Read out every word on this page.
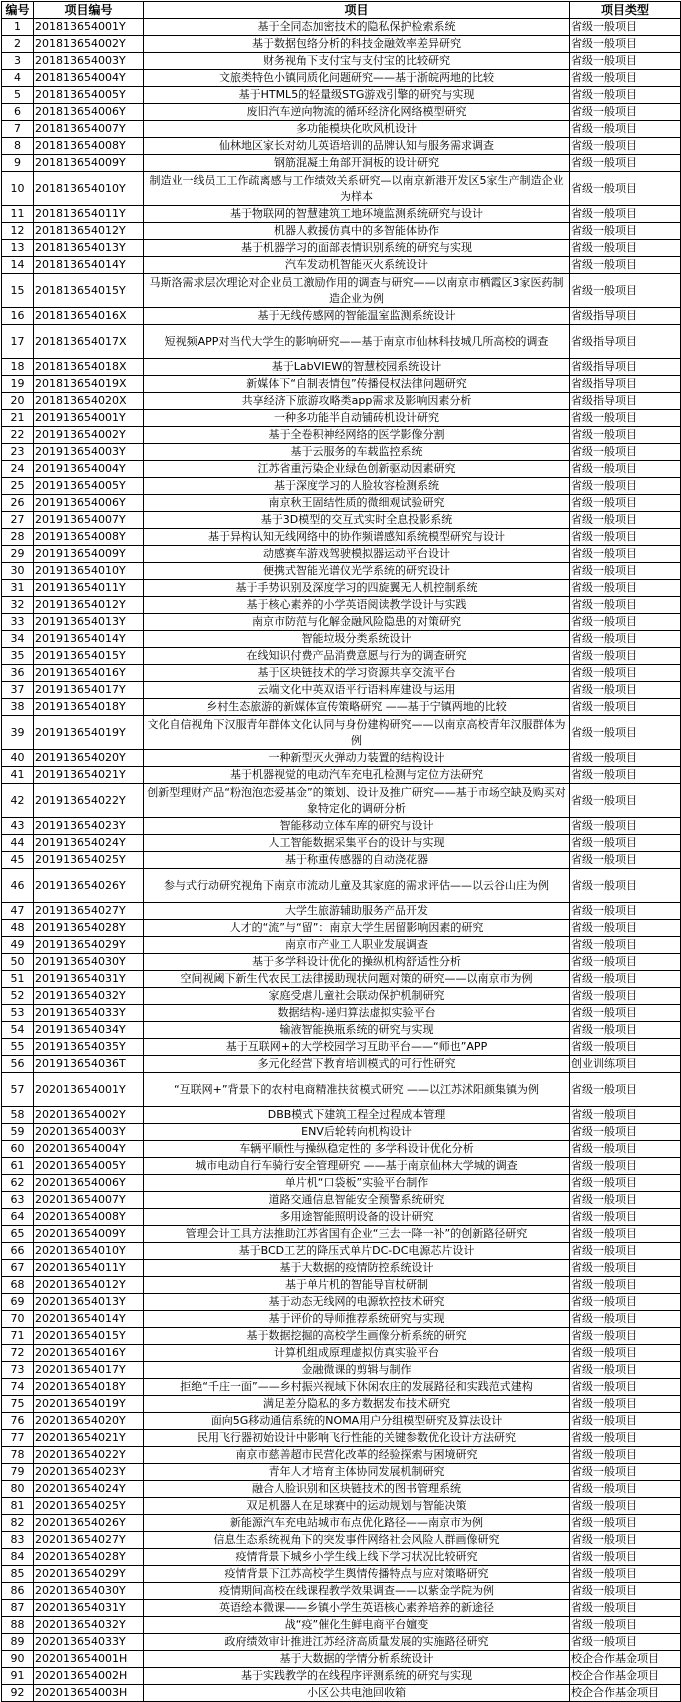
编号	项目编号	项目	项目类型
1	201813654001Y	基于全同态加密技术的隐私保护检索系统	省级一般项目
2	201813654002Y	基于数据包络分析的科技金融效率差异研究	省级一般项目
3	201813654003Y	财务视角下支付宝与支付宝的比较研究	省级一般项目
4	201813654004Y	文旅类特色小镇同质化问题研究——基于浙皖两地的比较	省级一般项目
5	201813654005Y	基于HTML5的轻量级STG游戏引擎的研究与实现	省级一般项目
6	201813654006Y	废旧汽车逆向物流的循环经济化网络模型研究	省级一般项目
7	201813654007Y	多功能模块化吹风机设计	省级一般项目
8	201813654008Y	仙林地区家长对幼儿英语培训的品牌认知与服务需求调查	省级一般项目
9	201813654009Y	钢筋混凝土角部开洞板的设计研究	省级一般项目
10	201813654010Y	制造业一线员工工作疏离感与工作绩效关系研究—以南京新港开发区5家生产制造企业为样本	省级一般项目
11	201813654011Y	基于物联网的智慧建筑工地环境监测系统研究与设计	省级一般项目
12	201813654012Y	机器人救援仿真中的多智能体协作	省级一般项目
13	201813654013Y	基于机器学习的面部表情识别系统的研究与实现	省级一般项目
14	201813654014Y	汽车发动机智能灭火系统设计	省级一般项目
15	201813654015Y	马斯洛需求层次理论对企业员工激励作用的调查与研究——以南京市栖霞区3家医药制造企业为例	省级一般项目
16	201813654016X	基于无线传感网的智能温室监测系统设计	省级指导项目
17	201813654017X	短视频APP对当代大学生的影响研究——基于南京市仙林科技城几所高校的调查	省级指导项目
18	201813654018X	基于LabVIEW的智慧校园系统设计	省级指导项目
19	201813654019X	新媒体下“自制表情包”传播侵权法律问题研究	省级指导项目
20	201813654020X	共享经济下旅游攻略类app需求及影响因素分析	省级指导项目
21	201913654001Y	一种多功能半自动铺砖机设计研究	省级一般项目
22	201913654002Y	基于全卷积神经网络的医学影像分割	省级一般项目
23	201913654003Y	基于云服务的车载监控系统	省级一般项目
24	201913654004Y	江苏省重污染企业绿色创新驱动因素研究	省级一般项目
25	201913654005Y	基于深度学习的人脸妆容检测系统	省级一般项目
26	201913654006Y	南京秋王固结性质的微细观试验研究	省级一般项目
27	201913654007Y	基于3D模型的交互式实时全息投影系统	省级一般项目
28	201913654008Y	基于异构认知无线网络中的协作频谱感知系统模型研究与设计	省级一般项目
29	201913654009Y	动感赛车游戏驾驶模拟器运动平台设计	省级一般项目
30	201913654010Y	便携式智能光谱仪光学系统的研究设计	省级一般项目
31	201913654011Y	基于手势识别及深度学习的四旋翼无人机控制系统	省级一般项目
32	201913654012Y	基于核心素养的小学英语阅读教学设计与实践	省级一般项目
33	201913654013Y	南京市防范与化解金融风险隐患的对策研究	省级一般项目
34	201913654014Y	智能垃圾分类系统设计	省级一般项目
35	201913654015Y	在线知识付费产品消费意愿与行为的调查研究	省级一般项目
36	201913654016Y	基于区块链技术的学习资源共享交流平台	省级一般项目
37	201913654017Y	云端文化中英双语平行语料库建设与运用	省级一般项目
38	201913654018Y	乡村生态旅游的新媒体宣传策略研究 ——基于宁镇两地的比较	省级一般项目
39	201913654019Y	文化自信视角下汉服青年群体文化认同与身份建构研究——以南京高校青年汉服群体为例	省级一般项目
40	201913654020Y	一种新型灭火弹动力装置的结构设计	省级一般项目
41	201913654021Y	基于机器视觉的电动汽车充电孔检测与定位方法研究	省级一般项目
42	201913654022Y	创新型理财产品“粉泡泡恋爱基金”的策划、设计及推广研究——基于市场空缺及购买对象特定化的调研分析	省级一般项目
43	201913654023Y	智能移动立体车库的研究与设计	省级一般项目
44	201913654024Y	人工智能数据采集平台的设计与实现	省级一般项目
45	201913654025Y	基于称重传感器的自动浇花器	省级一般项目
46	201913654026Y	参与式行动研究视角下南京市流动儿童及其家庭的需求评估——以云谷山庄为例	省级一般项目
47	201913654027Y	大学生旅游辅助服务产品开发	省级一般项目
48	201913654028Y	人才的“流”与“留”：南京大学生居留影响因素的研究	省级一般项目
49	201913654029Y	南京市产业工人职业发展调查	省级一般项目
50	201913654030Y	基于多学科设计优化的操纵机构舒适性分析	省级一般项目
51	201913654031Y	空间视阈下新生代农民工法律援助现状问题对策的研究——以南京市为例	省级一般项目
52	201913654032Y	家庭受虐儿童社会联动保护机制研究	省级一般项目
53	201913654033Y	数据结构-递归算法虚拟实验平台	省级一般项目
54	201913654034Y	输液智能换瓶系统的研究与实现	省级一般项目
55	201913654035Y	基于互联网+的大学校园学习互助平台——“师也”APP	省级一般项目
56	201913654036T	多元化经营下教育培训模式的可行性研究	创业训练项目
57	202013654001Y	“互联网+”背景下的农村电商精准扶贫模式研究 ——以江苏沭阳颜集镇为例	省级一般项目
58	202013654002Y	DBB模式下建筑工程全过程成本管理	省级一般项目
59	202013654003Y	ENV后轮转向机构设计	省级一般项目
60	202013654004Y	车辆平顺性与操纵稳定性的 多学科设计优化分析	省级一般项目
61	202013654005Y	城市电动自行车骑行安全管理研究 ——基于南京仙林大学城的调查	省级一般项目
62	202013654006Y	单片机“口袋板”实验平台制作	省级一般项目
63	202013654007Y	道路交通信息智能安全预警系统研究	省级一般项目
64	202013654008Y	多用途智能照明设备的设计研究	省级一般项目
65	202013654009Y	管理会计工具方法推助江苏省国有企业“三去一降一补”的创新路径研究	省级一般项目
66	202013654010Y	基于BCD工艺的降压式单片DC-DC电源芯片设计	省级一般项目
67	202013654011Y	基于大数据的疫情防控系统设计	省级一般项目
68	202013654012Y	基于单片机的智能导盲杖研制	省级一般项目
69	202013654013Y	基于动态无线网的电源软控技术研究	省级一般项目
70	202013654014Y	基于评价的导师推荐系统研究与实现	省级一般项目
71	202013654015Y	基于数据挖掘的高校学生画像分析系统的研究	省级一般项目
72	202013654016Y	计算机组成原理虚拟仿真实验平台	省级一般项目
73	202013654017Y	金融微课的剪辑与制作	省级一般项目
74	202013654018Y	拒绝“千庄一面”——乡村振兴视域下休闲农庄的发展路径和实践范式建构	省级一般项目
75	202013654019Y	满足差分隐私的多方数据发布技术研究	省级一般项目
76	202013654020Y	面向5G移动通信系统的NOMA用户分组模型研究及算法设计	省级一般项目
77	202013654021Y	民用飞行器初始设计中影响飞行性能的关键参数优化设计方法研究	省级一般项目
78	202013654022Y	南京市慈善超市民营化改革的经验探索与困境研究	省级一般项目
79	202013654023Y	青年人才培育主体协同发展机制研究	省级一般项目
80	202013654024Y	融合人脸识别和区块链技术的图书管理系统	省级一般项目
81	202013654025Y	双足机器人在足球赛中的运动规划与智能决策	省级一般项目
82	202013654026Y	新能源汽车充电站城市布点优化路径——南京市为例	省级一般项目
83	202013654027Y	信息生态系统视角下的突发事件网络社会风险人群画像研究	省级一般项目
84	202013654028Y	疫情背景下城乡小学生线上线下学习状况比较研究	省级一般项目
85	202013654029Y	疫情背景下江苏高校学生舆情传播特点与应对策略研究	省级一般项目
86	202013654030Y	疫情期间高校在线课程教学效果调查——以紫金学院为例	省级一般项目
87	202013654031Y	英语绘本微课——乡镇小学生英语核心素养培养的新途径	省级一般项目
88	202013654032Y	战“疫”催化生鲜电商平台嬗变	省级一般项目
89	202013654033Y	政府绩效审计推进江苏经济高质量发展的实施路径研究	省级一般项目
90	202013654001H	基于大数据的学情分析系统设计	校企合作基金项目
91	202013654002H	基于实践教学的在线程序评测系统的研究与实现	校企合作基金项目
92	202013654003H	小区公共电池回收箱	校企合作基金项目
